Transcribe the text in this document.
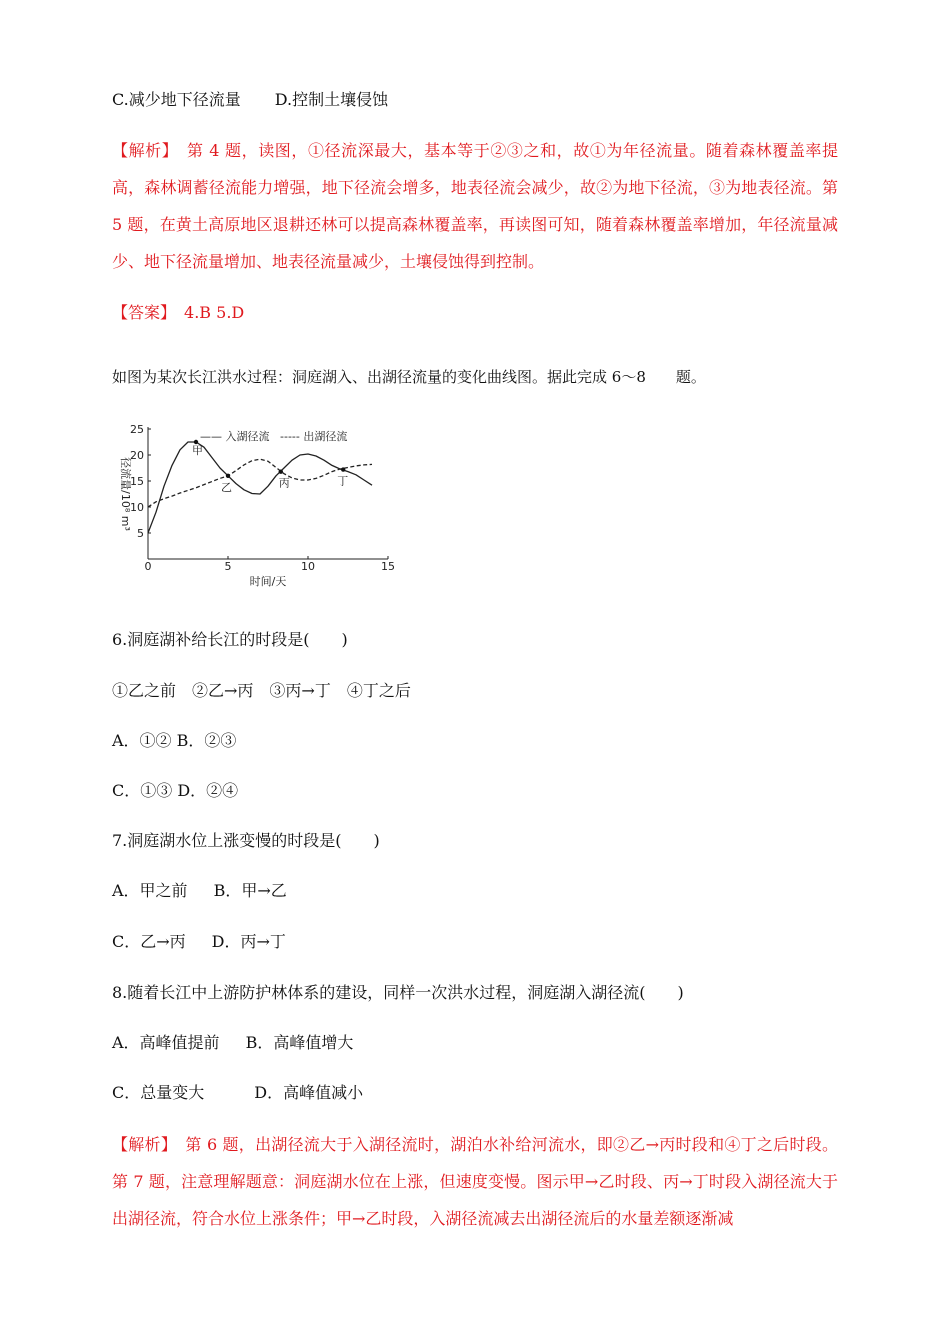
C.减少地下径流量 D.控制土壤侵蚀
【解析】　 第 4 题，读图，①径流深最大，基本等于②③之和，故①为年径流量。随着森林覆盖率提高，森林调蓄径流能力增强，地下径流会增多，地表径流会减少，故②为地下径流，③为地表径流。第 5 题，在黄土高原地区退耕还林可以提高森林覆盖率，再读图可知，随着森林覆盖率增加，年径流量减少、地下径流量增加、地表径流量减少，土壤侵蚀得到控制。
【答案】　 4.B 5.D
如图为某次长江洪水过程：洞庭湖入、出湖径流量的变化曲线图。据此完成 6～8　　题。
0	5	10	15
5
10
15
20
25
时间/天
径流量/10⁸ m³
—— 入湖径流 ----- 出湖径流
甲
乙	丙	丁
6.洞庭湖补给长江的时段是(　　)
①乙之前　②乙→丙　③丙→丁　④丁之后
A．①② B．②③
C．①③ D．②④
7.洞庭湖水位上涨变慢的时段是(　　)
A．甲之前 B．甲→乙
C．乙→丙 D．丙→丁
8.随着长江中上游防护林体系的建设，同样一次洪水过程，洞庭湖入湖径流(　　)
A．高峰值提前 B．高峰值增大
C．总量变大	D．高峰值减小
【解析】　 第 6 题，出湖径流大于入湖径流时，湖泊水补给河流水，即②乙→丙时段和④丁之后时段。第 7 题，注意理解题意：洞庭湖水位在上涨，但速度变慢。图示甲→乙时段、丙→丁时段入湖径流大于出湖径流，符合水位上涨条件；甲→乙时段，入湖径流减去出湖径流后的水量差额逐渐减
